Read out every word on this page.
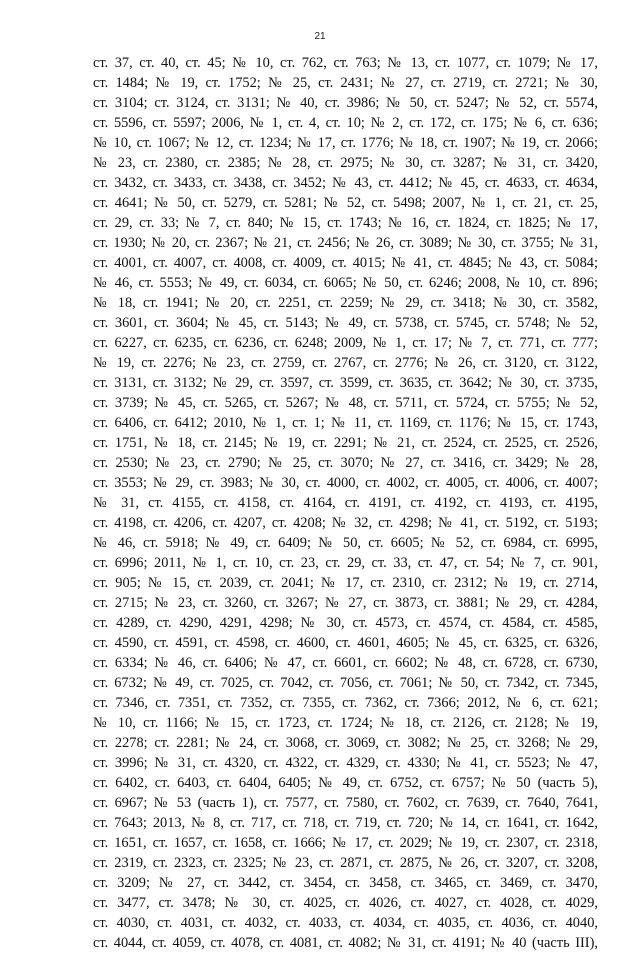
21
ст. 37, ст. 40, ст. 45; № 10, ст. 762, ст. 763; № 13, ст. 1077, ст. 1079; № 17,
ст. 1484; № 19, ст. 1752; № 25, ст. 2431; № 27, ст. 2719, ст. 2721; № 30,
ст. 3104; ст. 3124, ст. 3131; № 40, ст. 3986; № 50, ст. 5247; № 52, ст. 5574,
ст. 5596, ст. 5597; 2006, № 1, ст. 4, ст. 10; № 2, ст. 172, ст. 175; № 6, ст. 636;
№ 10, ст. 1067; № 12, ст. 1234; № 17, ст. 1776; № 18, ст. 1907; № 19, ст. 2066;
№ 23, ст. 2380, ст. 2385; № 28, ст. 2975; № 30, ст. 3287; № 31, ст. 3420,
ст. 3432, ст. 3433, ст. 3438, ст. 3452; № 43, ст. 4412; № 45, ст. 4633, ст. 4634,
ст. 4641; № 50, ст. 5279, ст. 5281; № 52, ст. 5498; 2007, № 1, ст. 21, ст. 25,
ст. 29, ст. 33; № 7, ст. 840; № 15, ст. 1743; № 16, ст. 1824, ст. 1825; № 17,
ст. 1930; № 20, ст. 2367; № 21, ст. 2456; № 26, ст. 3089; № 30, ст. 3755; № 31,
ст. 4001, ст. 4007, ст. 4008, ст. 4009, ст. 4015; № 41, ст. 4845; № 43, ст. 5084;
№ 46, ст. 5553; № 49, ст. 6034, ст. 6065; № 50, ст. 6246; 2008, № 10, ст. 896;
№ 18, ст. 1941; № 20, ст. 2251, ст. 2259; № 29, ст. 3418; № 30, ст. 3582,
ст. 3601, ст. 3604; № 45, ст. 5143; № 49, ст. 5738, ст. 5745, ст. 5748; № 52,
ст. 6227, ст. 6235, ст. 6236, ст. 6248; 2009, № 1, ст. 17; № 7, ст. 771, ст. 777;
№ 19, ст. 2276; № 23, ст. 2759, ст. 2767, ст. 2776; № 26, ст. 3120, ст. 3122,
ст. 3131, ст. 3132; № 29, ст. 3597, ст. 3599, ст. 3635, ст. 3642; № 30, ст. 3735,
ст. 3739; № 45, ст. 5265, ст. 5267; № 48, ст. 5711, ст. 5724, ст. 5755; № 52,
ст. 6406, ст. 6412; 2010, № 1, ст. 1; № 11, ст. 1169, ст. 1176; № 15, ст. 1743,
ст. 1751, № 18, ст. 2145; № 19, ст. 2291; № 21, ст. 2524, ст. 2525, ст. 2526,
ст. 2530; № 23, ст. 2790; № 25, ст. 3070; № 27, ст. 3416, ст. 3429; № 28,
ст. 3553; № 29, ст. 3983; № 30, ст. 4000, ст. 4002, ст. 4005, ст. 4006, ст. 4007;
№ 31, ст. 4155, ст. 4158, ст. 4164, ст. 4191, ст. 4192, ст. 4193, ст. 4195,
ст. 4198, ст. 4206, ст. 4207, ст. 4208; № 32, ст. 4298; № 41, ст. 5192, ст. 5193;
№ 46, ст. 5918; № 49, ст. 6409; № 50, ст. 6605; № 52, ст. 6984, ст. 6995,
ст. 6996; 2011, № 1, ст. 10, ст. 23, ст. 29, ст. 33, ст. 47, ст. 54; № 7, ст. 901,
ст. 905; № 15, ст. 2039, ст. 2041; № 17, ст. 2310, ст. 2312; № 19, ст. 2714,
ст. 2715; № 23, ст. 3260, ст. 3267; № 27, ст. 3873, ст. 3881; № 29, ст. 4284,
ст. 4289, ст. 4290, 4291, 4298; № 30, ст. 4573, ст. 4574, ст. 4584, ст. 4585,
ст. 4590, ст. 4591, ст. 4598, ст. 4600, ст. 4601, 4605; № 45, ст. 6325, ст. 6326,
ст. 6334; № 46, ст. 6406; № 47, ст. 6601, ст. 6602; № 48, ст. 6728, ст. 6730,
ст. 6732; № 49, ст. 7025, ст. 7042, ст. 7056, ст. 7061; № 50, ст. 7342, ст. 7345,
ст. 7346, ст. 7351, ст. 7352, ст. 7355, ст. 7362, ст. 7366; 2012, № 6, ст. 621;
№ 10, ст. 1166; № 15, ст. 1723, ст. 1724; № 18, ст. 2126, ст. 2128; № 19,
ст. 2278; ст. 2281; № 24, ст. 3068, ст. 3069, ст. 3082; № 25, ст. 3268; № 29,
ст. 3996; № 31, ст. 4320, ст. 4322, ст. 4329, ст. 4330; № 41, ст. 5523; № 47,
ст. 6402, ст. 6403, ст. 6404, 6405; № 49, ст. 6752, ст. 6757; № 50 (часть 5),
ст. 6967; № 53 (часть 1), ст. 7577, ст. 7580, ст. 7602, ст. 7639, ст. 7640, 7641,
ст. 7643; 2013, № 8, ст. 717, ст. 718, ст. 719, ст. 720; № 14, ст. 1641, ст. 1642,
ст. 1651, ст. 1657, ст. 1658, ст. 1666; № 17, ст. 2029; № 19, ст. 2307, ст. 2318,
ст. 2319, ст. 2323, ст. 2325; № 23, ст. 2871, ст. 2875, № 26, ст. 3207, ст. 3208,
ст. 3209; № 27, ст. 3442, ст. 3454, ст. 3458, ст. 3465, ст. 3469, ст. 3470,
ст. 3477, ст. 3478; № 30, ст. 4025, ст. 4026, ст. 4027, ст. 4028, ст. 4029,
ст. 4030, ст. 4031, ст. 4032, ст. 4033, ст. 4034, ст. 4035, ст. 4036, ст. 4040,
ст. 4044, ст. 4059, ст. 4078, ст. 4081, ст. 4082; № 31, ст. 4191; № 40 (часть III),
